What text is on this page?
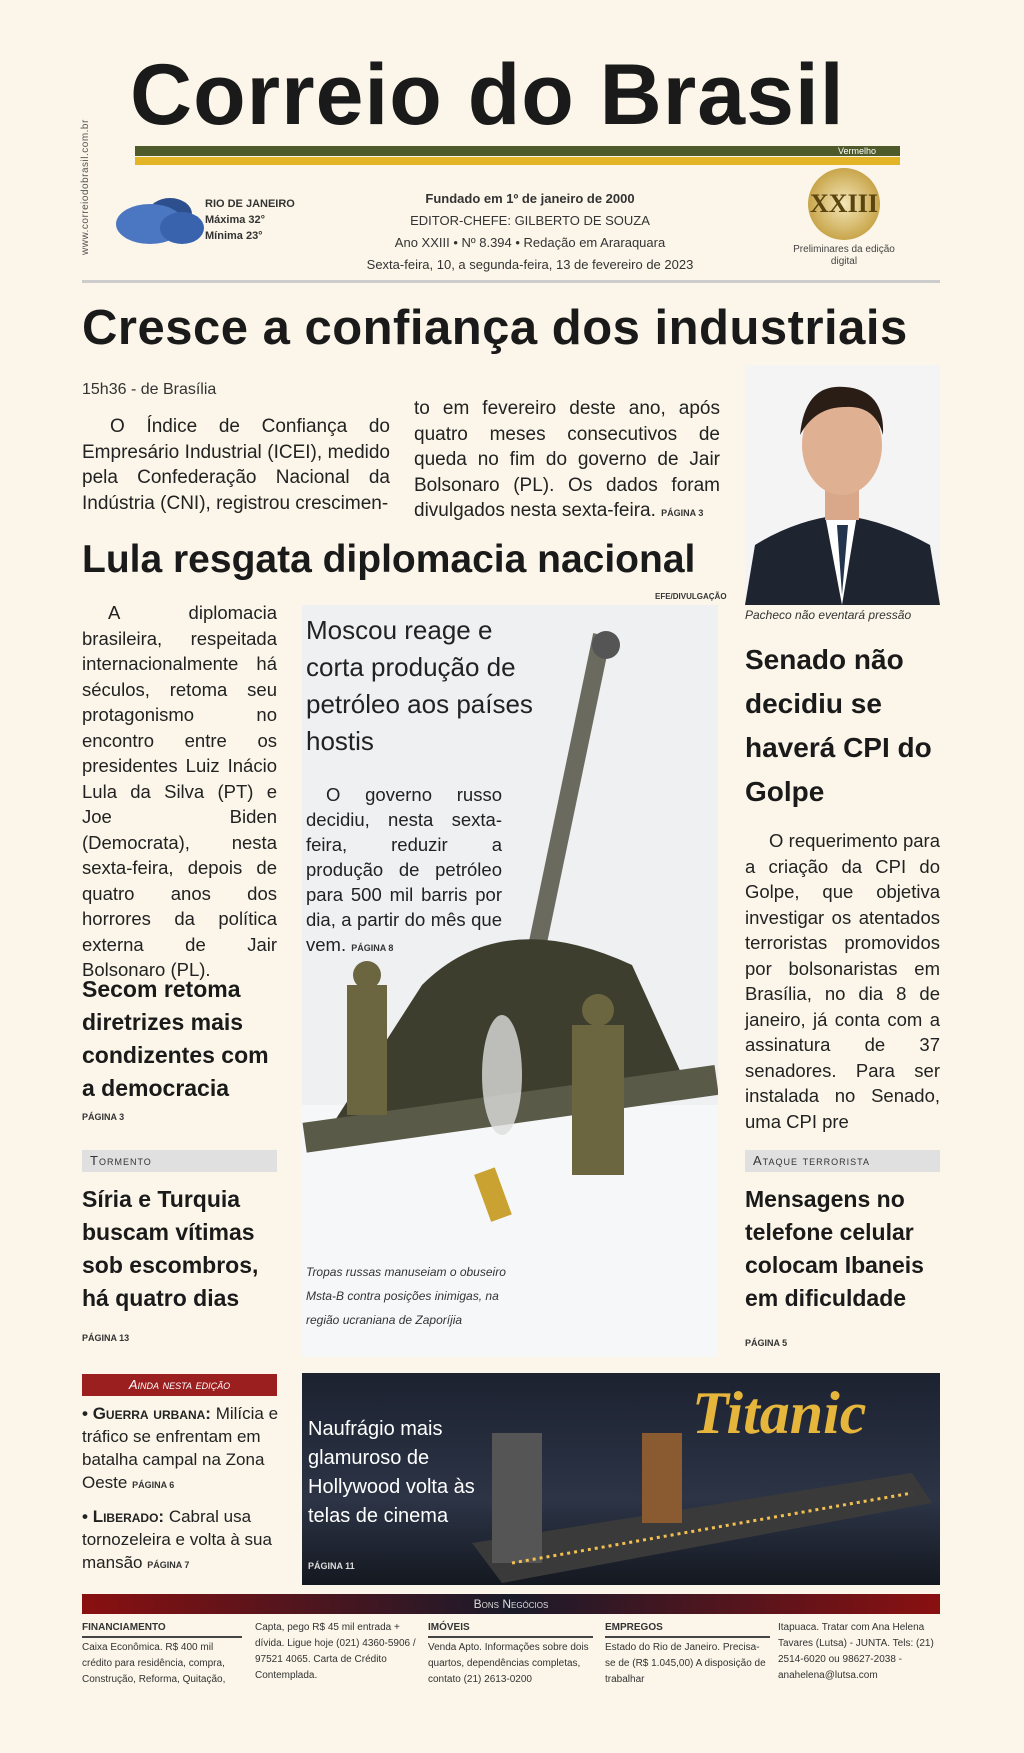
www.correiodobrasil.com.br
Correio do Brasil
Vermelho
RIO DE JANEIRO
Máxima 32°
Mínima 23°
Fundado em 1º de janeiro de 2000
EDITOR-CHEFE: GILBERTO DE SOUZA
Ano XXIII • Nº 8.394 • Redação em Araraquara
Sexta-feira, 10, a segunda-feira, 13 de fevereiro de 2023
XXIII
Preliminares da edição digital
Cresce a confiança dos industriais
15h36 - de Brasília
O Índice de Confiança do Empresário Industrial (ICEI), medido pela Confederação Nacional da Indústria (CNI), registrou crescimen-
to em fevereiro deste ano, após quatro meses consecutivos de queda no fim do governo de Jair Bolsonaro (PL). Os dados foram divulgados nesta sexta-feira. PÁGINA 3
Pacheco não eventará pressão
Lula resgata diplomacia nacional
EFE/DIVULGAÇÃO
A diplomacia brasileira, respeitada internacionalmente há séculos, retoma seu protagonismo no encontro entre os presidentes Luiz Inácio Lula da Silva (PT) e Joe Biden (Democrata), nesta sexta-feira, depois de quatro anos dos horrores da política externa de Jair Bolsonaro (PL).
Secom retoma diretrizes mais condizentes com a democracia
PÁGINA 3
Tormento
Síria e Turquia buscam vítimas sob escombros, há quatro dias
PÁGINA 13
Ainda nesta edição
• Guerra urbana: Milícia e tráfico se enfrentam em batalha campal na Zona Oeste PÁGINA 6
• Liberado: Cabral usa tornozeleira e volta à sua mansão PÁGINA 7
Moscou reage e corta produção de petróleo aos países hostis
O governo russo decidiu, nesta sexta-feira, reduzir a produção de petróleo para 500 mil barris por dia, a partir do mês que vem. PÁGINA 8
Tropas russas manuseiam o obuseiro Msta-B contra posições inimigas, na região ucraniana de Zaporíjia
Senado não decidiu se haverá CPI do Golpe
O requerimento para a criação da CPI do Golpe, que objetiva investigar os atentados terroristas promovidos por bolsonaristas em Brasília, no dia 8 de janeiro, já conta com a assinatura de 37 senadores. Para ser instalada no Senado, uma CPI pre
Ataque terrorista
Mensagens no telefone celular colocam Ibaneis em dificuldade
PÁGINA 5
Titanic
Naufrágio mais glamuroso de Hollywood volta às telas de cinema
PÁGINA 11
Bons Negócios
FINANCIAMENTO
Caixa Econômica. R$ 400 mil crédito para residência, compra, Construção, Reforma, Quitação,
Capta, pego R$ 45 mil entrada + dívida. Ligue hoje (021) 4360-5906 / 97521 4065. Carta de Crédito Contemplada.
IMÓVEIS
Venda Apto. Informações sobre dois quartos, dependências completas, contato (21) 2613-0200
EMPREGOS
Estado do Rio de Janeiro. Precisa-se de (R$ 1.045,00) A disposição de trabalhar
Itapuaca. Tratar com Ana Helena Tavares (Lutsa) - JUNTA. Tels: (21) 2514-6020 ou 98627-2038 - anahelena@lutsa.com
